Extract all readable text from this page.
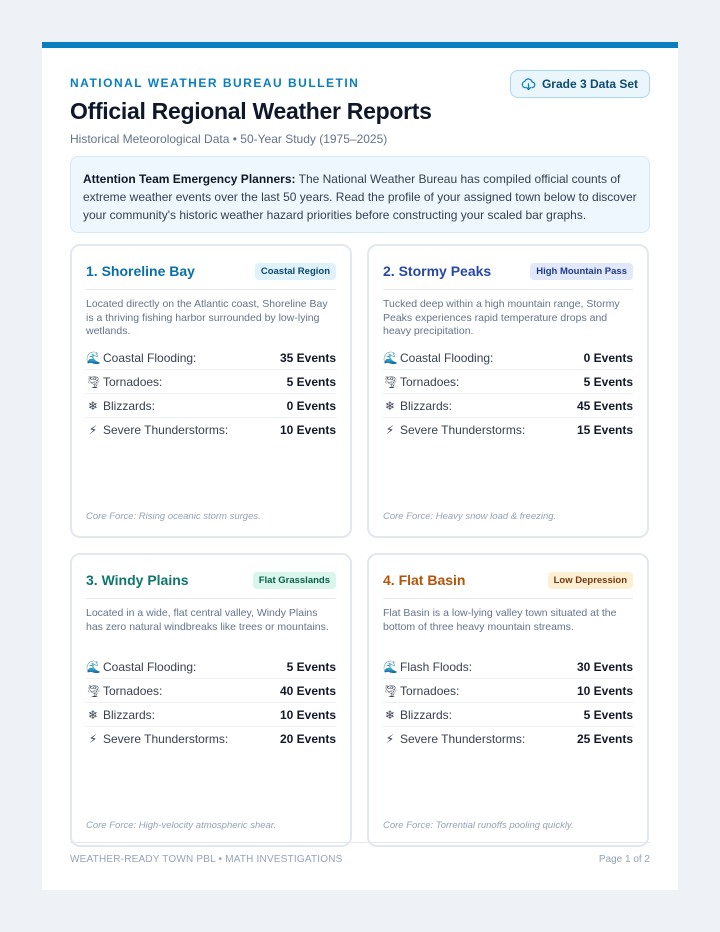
NATIONAL WEATHER BUREAU BULLETIN
Official Regional Weather Reports
Historical Meteorological Data • 50-Year Study (1975–2025)
Grade 3 Data Set
Attention Team Emergency Planners: The National Weather Bureau has compiled official counts of extreme weather events over the last 50 years. Read the profile of your assigned town below to discover your community's historic weather hazard priorities before constructing your scaled bar graphs.
1. Shoreline Bay	Coastal Region
Located directly on the Atlantic coast, Shoreline Bay is a thriving fishing harbor surrounded by low-lying wetlands.
🌊 Coastal Flooding:	35 Events
🌪 Tornadoes:	5 Events
❄ Blizzards:	0 Events
⚡ Severe Thunderstorms:	10 Events
Core Force: Rising oceanic storm surges.
2. Stormy Peaks	High Mountain Pass
Tucked deep within a high mountain range, Stormy Peaks experiences rapid temperature drops and heavy precipitation.
🌊 Coastal Flooding:	0 Events
🌪 Tornadoes:	5 Events
❄ Blizzards:	45 Events
⚡ Severe Thunderstorms:	15 Events
Core Force: Heavy snow load & freezing.
3. Windy Plains	Flat Grasslands
Located in a wide, flat central valley, Windy Plains has zero natural windbreaks like trees or mountains.
🌊 Coastal Flooding:	5 Events
🌪 Tornadoes:	40 Events
❄ Blizzards:	10 Events
⚡ Severe Thunderstorms:	20 Events
Core Force: High-velocity atmospheric shear.
4. Flat Basin	Low Depression
Flat Basin is a low-lying valley town situated at the bottom of three heavy mountain streams.
🌊 Flash Floods:	30 Events
🌪 Tornadoes:	10 Events
❄ Blizzards:	5 Events
⚡ Severe Thunderstorms:	25 Events
Core Force: Torrential runoffs pooling quickly.
WEATHER-READY TOWN PBL • MATH INVESTIGATIONS	Page 1 of 2
